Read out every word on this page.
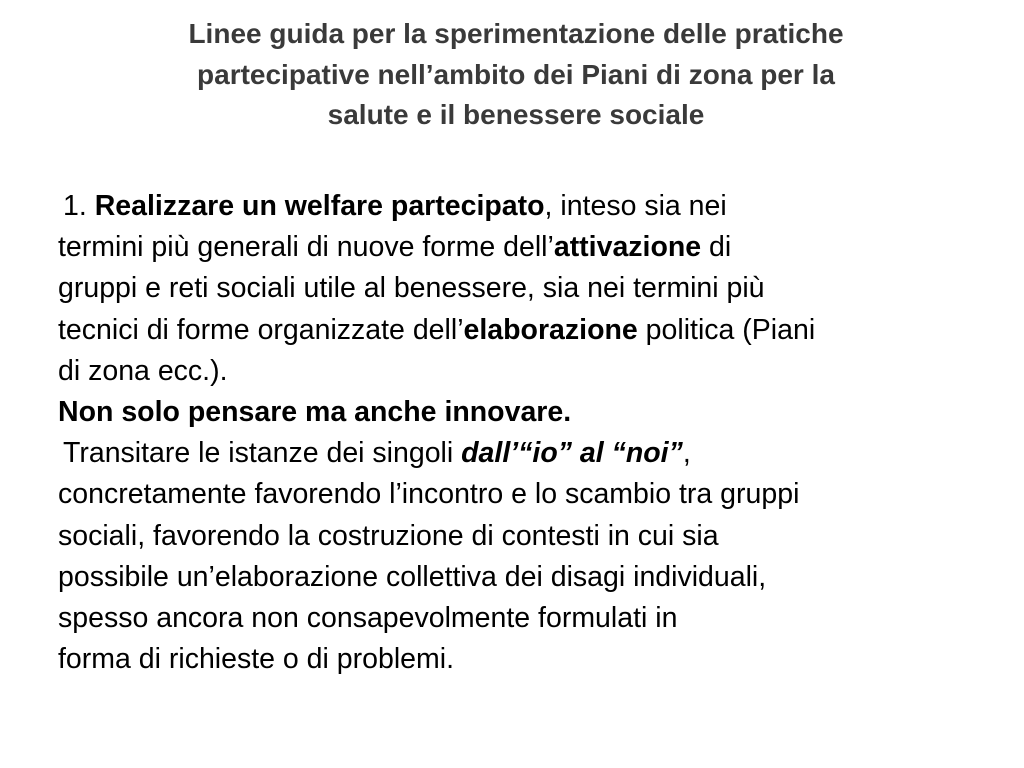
Linee guida per la sperimentazione delle pratiche
partecipative nell’ambito dei Piani di zona per la
salute e il benessere sociale
1. Realizzare un welfare partecipato, inteso sia nei
termini più generali di nuove forme dell’attivazione di
gruppi e reti sociali utile al benessere, sia nei termini più
tecnici di forme organizzate dell’elaborazione politica (Piani
di zona ecc.).
Non solo pensare ma anche innovare.
Transitare le istanze dei singoli dall’“io” al “noi”,
concretamente favorendo l’incontro e lo scambio tra gruppi
sociali, favorendo la costruzione di contesti in cui sia
possibile un’elaborazione collettiva dei disagi individuali,
spesso ancora non consapevolmente formulati in
forma di richieste o di problemi.
